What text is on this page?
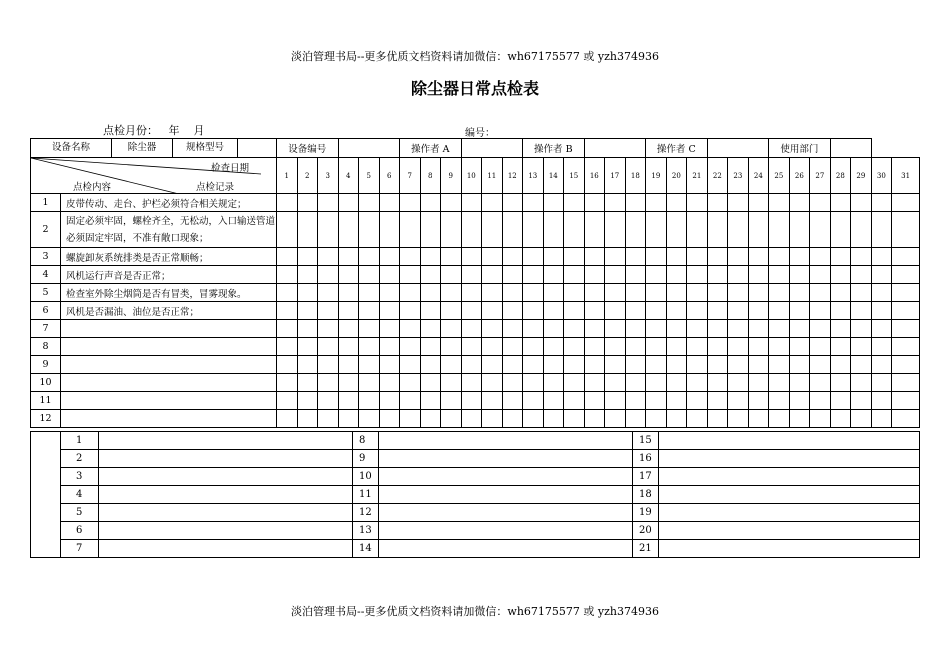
淡泊管理书局--更多优质文档资料请加微信：wh67175577 或 yzh374936
除尘器日常点检表
点检月份：   年    月	编号：
设备名称 除尘器 规格型号		设备编号						操作者 A						操作者 B						操作者 C						使用部门						

检查日期
点检记录
点检内容		1	2	3	4	5	6	7	8	9	10	11	12	13	14	15	16	17	18	19	20	21	22	23	24	25	26	27	28	29	30	31
1	皮带传动、走台、护栏必须符合相关规定；																															
2	固定必须牢固，螺栓齐全，无松动，入口输送管道必须固定牢固，不准有敞口现象；																															
3	螺旋卸灰系统排类是否正常顺畅；																															
4	风机运行声音是否正常；																															
5	检查室外除尘烟筒是否有冒类，冒雾现象。																															
6	风机是否漏油、油位是否正常；																															
7																																
8																																
9																																
10																																
11																																
12																																
	1		8		15	
	2		9		16	
	3		10		17	
	4		11		18	
	5		12		19	
	6		13		20	
	7		14		21	
淡泊管理书局--更多优质文档资料请加微信：wh67175577 或 yzh374936
